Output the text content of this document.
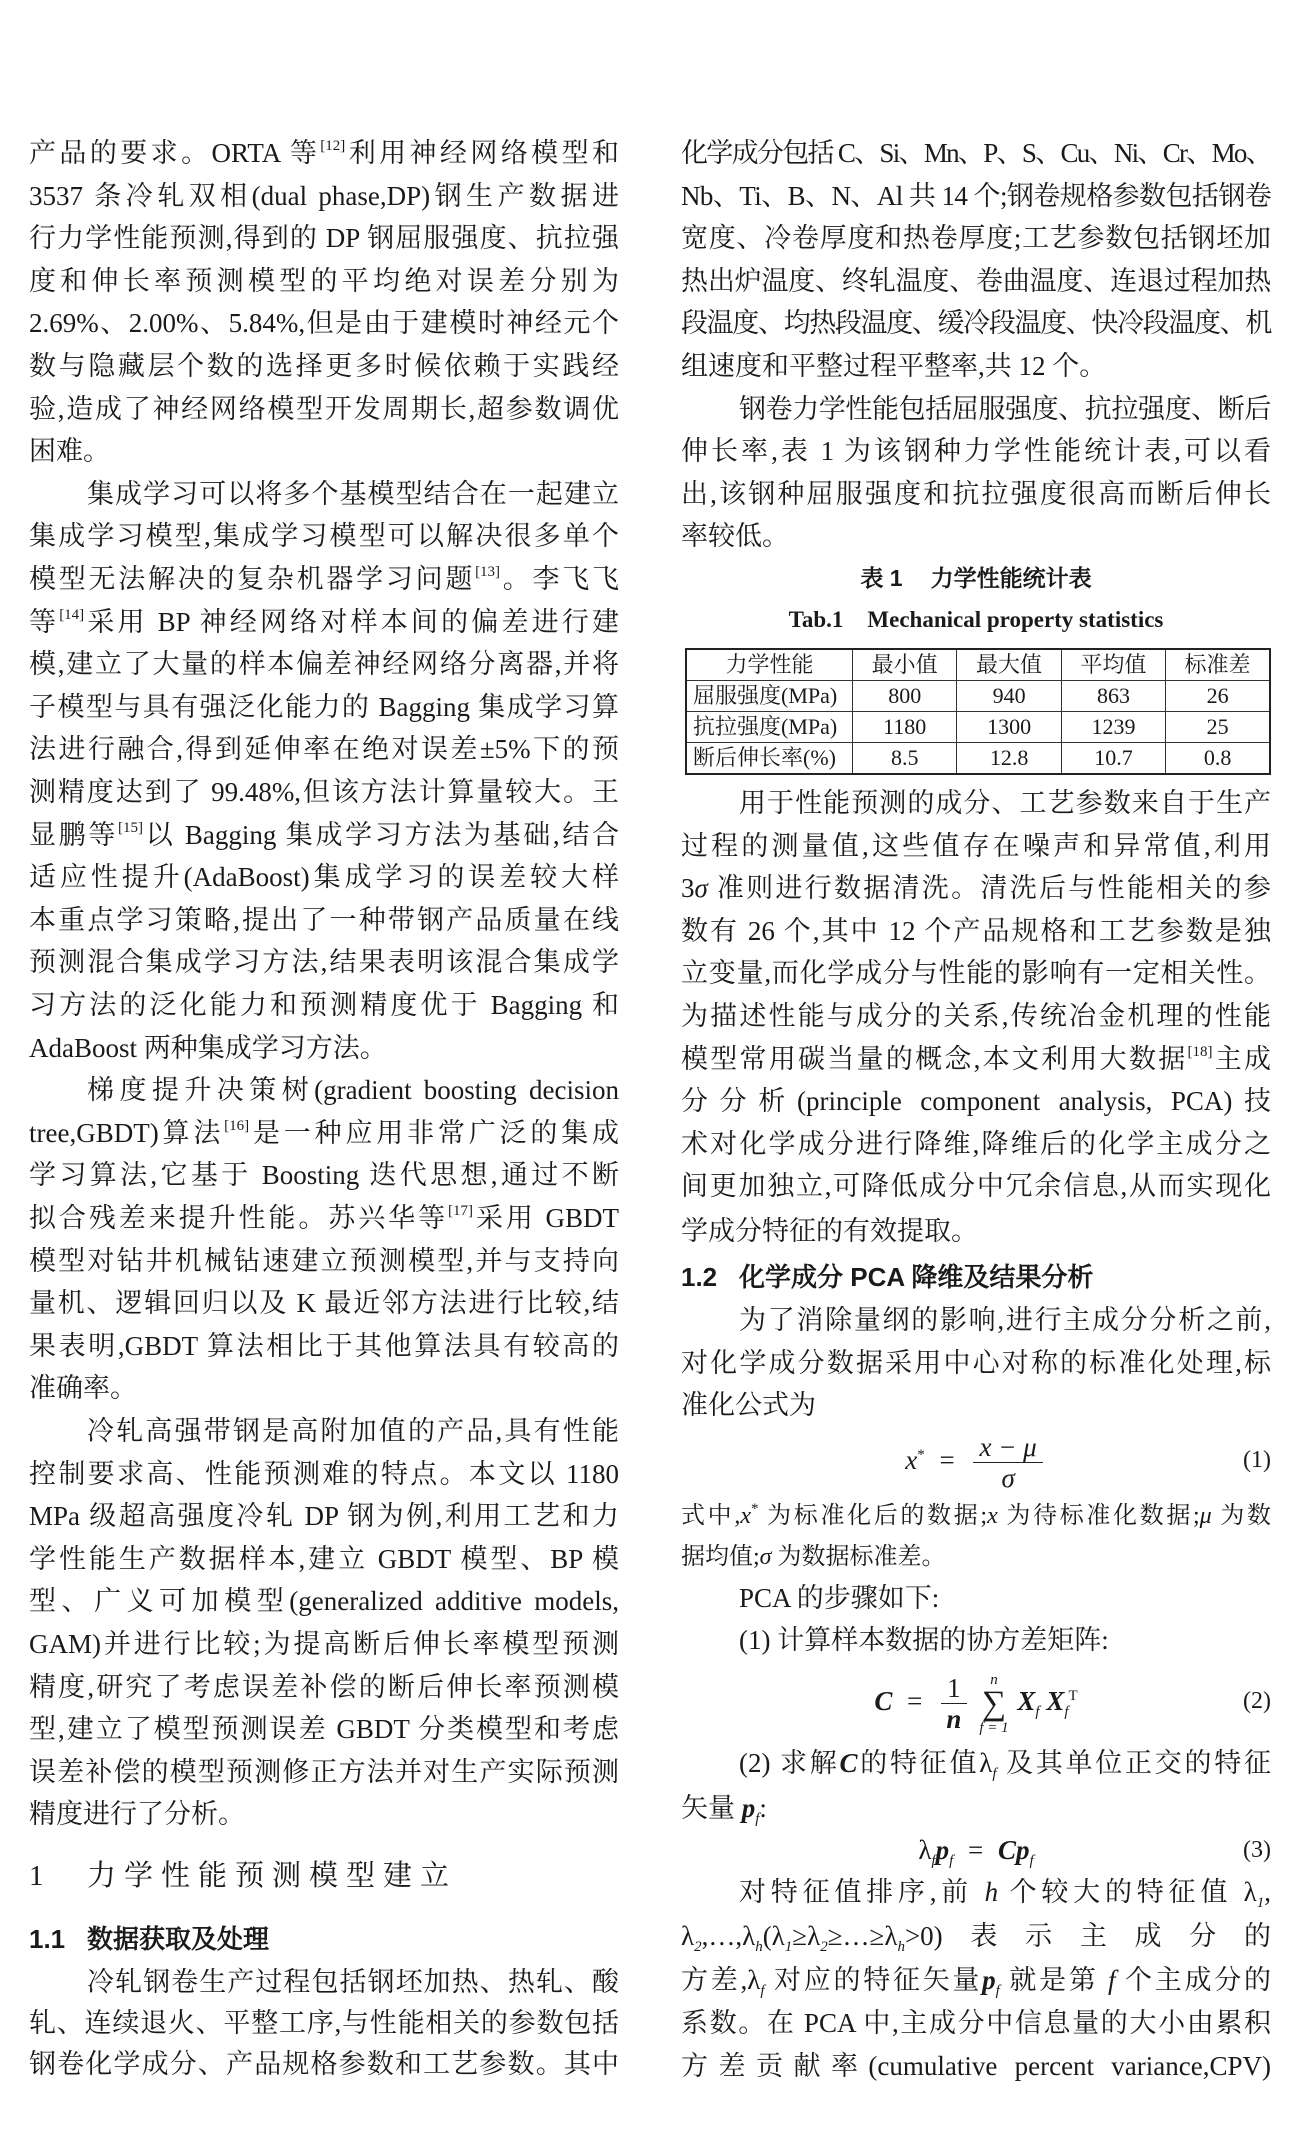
产品的要求。ORTA 等[12]利用神经网络模型和
3537 条冷轧双相(dual phase,DP)钢生产数据进
行力学性能预测,得到的 DP 钢屈服强度、抗拉强
度和伸长率预测模型的平均绝对误差分别为
2.69%、2.00%、5.84%,但是由于建模时神经元个
数与隐藏层个数的选择更多时候依赖于实践经
验,造成了神经网络模型开发周期长,超参数调优
困难。
集成学习可以将多个基模型结合在一起建立
集成学习模型,集成学习模型可以解决很多单个
模型无法解决的复杂机器学习问题[13]。李飞飞
等[14]采用 BP 神经网络对样本间的偏差进行建
模,建立了大量的样本偏差神经网络分离器,并将
子模型与具有强泛化能力的 Bagging 集成学习算
法进行融合,得到延伸率在绝对误差±5%下的预
测精度达到了 99.48%,但该方法计算量较大。王
显鹏等[15]以 Bagging 集成学习方法为基础,结合
适应性提升(AdaBoost)集成学习的误差较大样
本重点学习策略,提出了一种带钢产品质量在线
预测混合集成学习方法,结果表明该混合集成学
习方法的泛化能力和预测精度优于 Bagging 和
AdaBoost 两种集成学习方法。
梯度提升决策树(gradient boosting decision
tree,GBDT)算法[16]是一种应用非常广泛的集成
学习算法,它基于 Boosting 迭代思想,通过不断
拟合残差来提升性能。苏兴华等[17]采用 GBDT
模型对钻井机械钻速建立预测模型,并与支持向
量机、逻辑回归以及 K 最近邻方法进行比较,结
果表明,GBDT 算法相比于其他算法具有较高的
准确率。
冷轧高强带钢是高附加值的产品,具有性能
控制要求高、性能预测难的特点。本文以 1180
MPa 级超高强度冷轧 DP 钢为例,利用工艺和力
学性能生产数据样本,建立 GBDT 模型、BP 模
型、广义可加模型(generalized additive models,
GAM)并进行比较;为提高断后伸长率模型预测
精度,研究了考虑误差补偿的断后伸长率预测模
型,建立了模型预测误差 GBDT 分类模型和考虑
误差补偿的模型预测修正方法并对生产实际预测
精度进行了分析。
1 力学性能预测模型建立
1.1 数据获取及处理
冷轧钢卷生产过程包括钢坯加热、热轧、酸
轧、连续退火、平整工序,与性能相关的参数包括
钢卷化学成分、产品规格参数和工艺参数。其中
化学成分包括 C、Si、Mn、P、S、Cu、Ni、Cr、Mo、
Nb、Ti、B、N、Al 共 14 个;钢卷规格参数包括钢卷
宽度、冷卷厚度和热卷厚度;工艺参数包括钢坯加
热出炉温度、终轧温度、卷曲温度、连退过程加热
段温度、均热段温度、缓冷段温度、快冷段温度、机
组速度和平整过程平整率,共 12 个。
钢卷力学性能包括屈服强度、抗拉强度、断后
伸长率,表 1 为该钢种力学性能统计表,可以看
出,该钢种屈服强度和抗拉强度很高而断后伸长
率较低。
表 1 力学性能统计表
Tab.1 Mechanical property statistics
力学性能	最小值	最大值	平均值	标准差
屈服强度(MPa)	800	940	863	26
抗拉强度(MPa)	1180	1300	1239	25
断后伸长率(%)	8.5	12.8	10.7	0.8
用于性能预测的成分、工艺参数来自于生产
过程的测量值,这些值存在噪声和异常值,利用
3σ 准则进行数据清洗。清洗后与性能相关的参
数有 26 个,其中 12 个产品规格和工艺参数是独
立变量,而化学成分与性能的影响有一定相关性。
为描述性能与成分的关系,传统冶金机理的性能
模型常用碳当量的概念,本文利用大数据[18]主成
分分析(principle component analysis, PCA)技
术对化学成分进行降维,降维后的化学主成分之
间更加独立,可降低成分中冗余信息,从而实现化
学成分特征的有效提取。
1.2 化学成分 PCA 降维及结果分析
为了消除量纲的影响,进行主成分分析之前,
对化学成分数据采用中心对称的标准化处理,标
准化公式为
$x^* = \frac{x - \mu}{\sigma}$	(1)
式中,x* 为标准化后的数据;x 为待标准化数据;μ 为数
据均值;σ 为数据标准差。
PCA 的步骤如下:
(1) 计算样本数据的协方差矩阵:
$C = \frac{1}{n}$
n
∑
f = 1
$X_f$ $X_f^T$	(2)
(2) 求解C的特征值$\lambda_f$ 及其单位正交的特征
矢量 $p_f$:
$\lambda_fp_f = Cp_f$	(3)
对特征值排序,前 h 个较大的特征值 $\lambda_1$,
$\lambda_2,\dots,\lambda_h(\lambda_1\ge\lambda_2\ge\dots\ge\lambda_h>0)$表示主成分的
方差$,\lambda_f$ 对应的特征矢量$p_f$ 就是第 f 个主成分的
系数。在 PCA 中,主成分中信息量的大小由累积
方差贡献率(cumulative percent variance,CPV)
